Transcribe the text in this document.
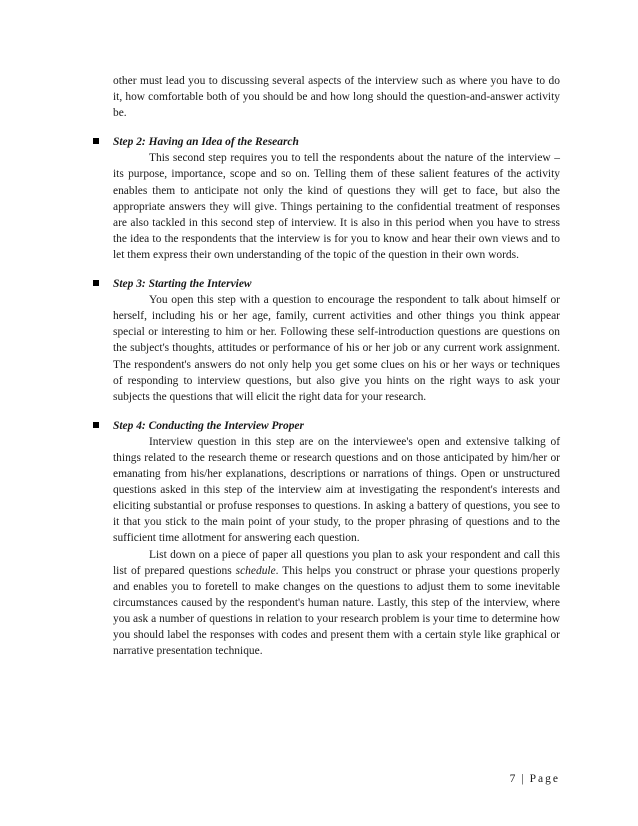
other must lead you to discussing several aspects of the interview such as where you have to do it, how comfortable both of you should be and how long should the question-and-answer activity be.

Step 2: Having an Idea of the Research

This second step requires you to tell the respondents about the nature of the interview – its purpose, importance, scope and so on. Telling them of these salient features of the activity enables them to anticipate not only the kind of questions they will get to face, but also the appropriate answers they will give. Things pertaining to the confidential treatment of responses are also tackled in this second step of interview. It is also in this period when you have to stress the idea to the respondents that the interview is for you to know and hear their own views and to let them express their own understanding of the topic of the question in their own words.

Step 3: Starting the Interview

You open this step with a question to encourage the respondent to talk about himself or herself, including his or her age, family, current activities and other things you think appear special or interesting to him or her. Following these self-introduction questions are questions on the subject's thoughts, attitudes or performance of his or her job or any current work assignment. The respondent's answers do not only help you get some clues on his or her ways or techniques of responding to interview questions, but also give you hints on the right ways to ask your subjects the questions that will elicit the right data for your research.

Step 4: Conducting the Interview Proper

Interview question in this step are on the interviewee's open and extensive talking of things related to the research theme or research questions and on those anticipated by him/her or emanating from his/her explanations, descriptions or narrations of things. Open or unstructured questions asked in this step of the interview aim at investigating the respondent's interests and eliciting substantial or profuse responses to questions. In asking a battery of questions, you see to it that you stick to the main point of your study, to the proper phrasing of questions and to the sufficient time allotment for answering each question.

List down on a piece of paper all questions you plan to ask your respondent and call this list of prepared questions schedule. This helps you construct or phrase your questions properly and enables you to foretell to make changes on the questions to adjust them to some inevitable circumstances caused by the respondent's human nature. Lastly, this step of the interview, where you ask a number of questions in relation to your research problem is your time to determine how you should label the responses with codes and present them with a certain style like graphical or narrative presentation technique.

7 | Page
